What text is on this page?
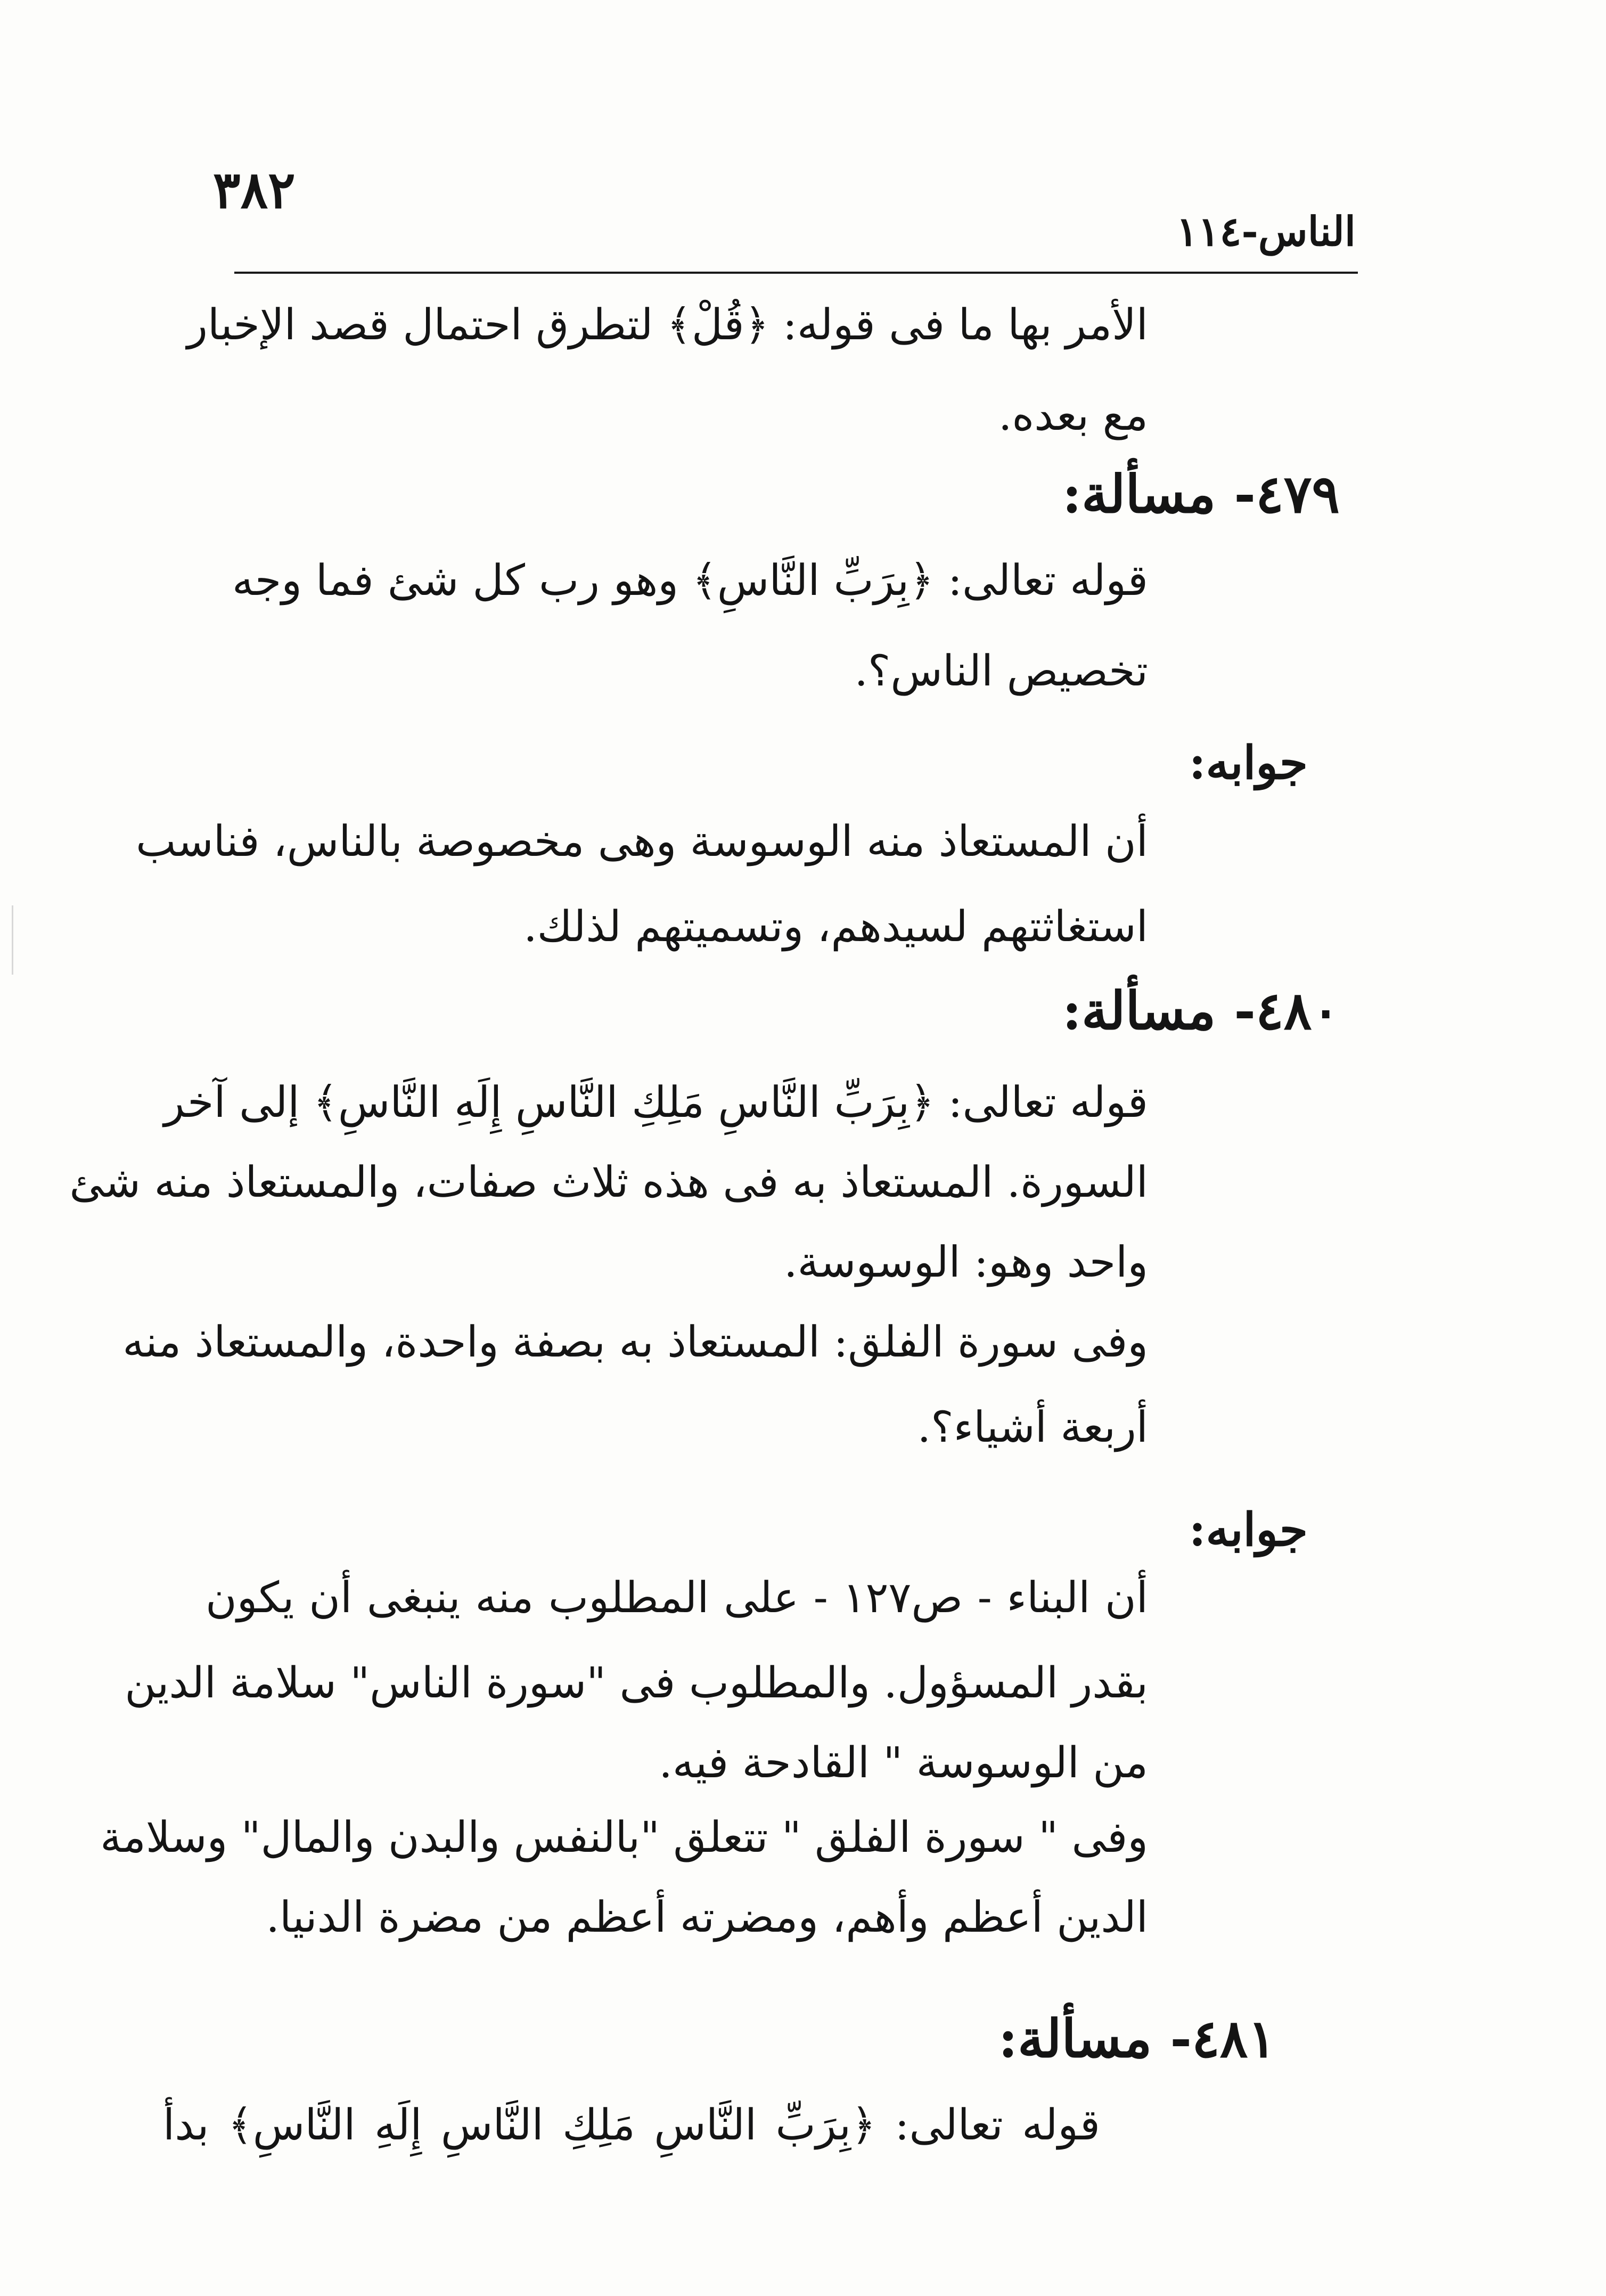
٣٨٢
الناس-١١٤
الأمر بها ما فى قوله: ﴿قُلْ﴾ لتطرق احتمال قصد الإخبار
مع بعده.
٤٧٩- مسألة:
قوله تعالى: ﴿بِرَبِّ النَّاسِ﴾ وهو رب كل شئ فما وجه
تخصيص الناس؟.
جوابه:
أن المستعاذ منه الوسوسة وهى مخصوصة بالناس، فناسب
استغاثتهم لسيدهم، وتسميتهم لذلك.
٤٨٠- مسألة:
قوله تعالى: ﴿بِرَبِّ النَّاسِ مَلِكِ النَّاسِ إِلَهِ النَّاسِ﴾ إلى آخر
السورة. المستعاذ به فى هذه ثلاث صفات، والمستعاذ منه شئ
واحد وهو: الوسوسة.
وفى سورة الفلق: المستعاذ به بصفة واحدة، والمستعاذ منه
أربعة أشياء؟.
جوابه:
أن البناء - ص١٢٧ - على المطلوب منه ينبغى أن يكون
بقدر المسؤول. والمطلوب فى "سورة الناس" سلامة الدين
من الوسوسة " القادحة فيه.
وفى " سورة الفلق " تتعلق "بالنفس والبدن والمال" وسلامة
الدين أعظم وأهم، ومضرته أعظم من مضرة الدنيا.
٤٨١- مسألة:
قوله تعالى: ﴿بِرَبِّ النَّاسِ مَلِكِ النَّاسِ إِلَهِ النَّاسِ﴾ بدأ
